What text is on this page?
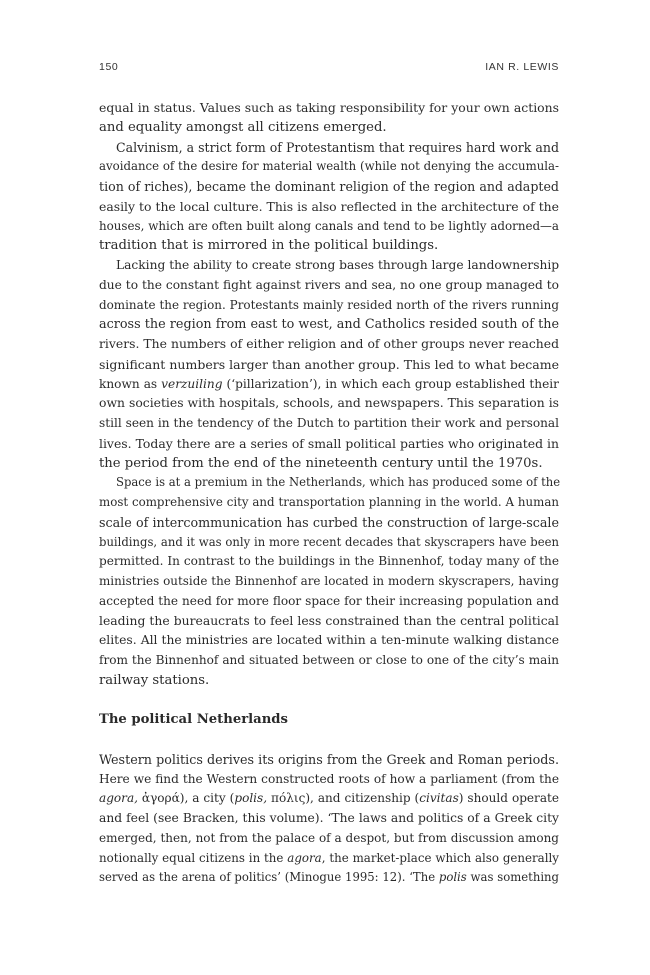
150	IAN R. LEWIS
equal in status. Values such as taking responsibility for your own actions
and equality amongst all citizens emerged.
Calvinism, a strict form of Protestantism that requires hard work and
avoidance of the desire for material wealth (while not denying the accumula-
tion of riches), became the dominant religion of the region and adapted
easily to the local culture. This is also reflected in the architecture of the
houses, which are often built along canals and tend to be lightly adorned—a
tradition that is mirrored in the political buildings.
Lacking the ability to create strong bases through large landownership
due to the constant fight against rivers and sea, no one group managed to
dominate the region. Protestants mainly resided north of the rivers running
across the region from east to west, and Catholics resided south of the
rivers. The numbers of either religion and of other groups never reached
significant numbers larger than another group. This led to what became
known as verzuiling (‘pillarization’), in which each group established their
own societies with hospitals, schools, and newspapers. This separation is
still seen in the tendency of the Dutch to partition their work and personal
lives. Today there are a series of small political parties who originated in
the period from the end of the nineteenth century until the 1970s.
Space is at a premium in the Netherlands, which has produced some of the
most comprehensive city and transportation planning in the world. A human
scale of intercommunication has curbed the construction of large-scale
buildings, and it was only in more recent decades that skyscrapers have been
permitted. In contrast to the buildings in the Binnenhof, today many of the
ministries outside the Binnenhof are located in modern skyscrapers, having
accepted the need for more floor space for their increasing population and
leading the bureaucrats to feel less constrained than the central political
elites. All the ministries are located within a ten-minute walking distance
from the Binnenhof and situated between or close to one of the city’s main
railway stations.
The political Netherlands
Western politics derives its origins from the Greek and Roman periods.
Here we find the Western constructed roots of how a parliament (from the
agora, ἀγορά), a city (polis, πόλις), and citizenship (civitas) should operate
and feel (see Bracken, this volume). ‘The laws and politics of a Greek city
emerged, then, not from the palace of a despot, but from discussion among
notionally equal citizens in the agora, the market-place which also generally
served as the arena of politics’ (Minogue 1995: 12). ‘The polis was something
